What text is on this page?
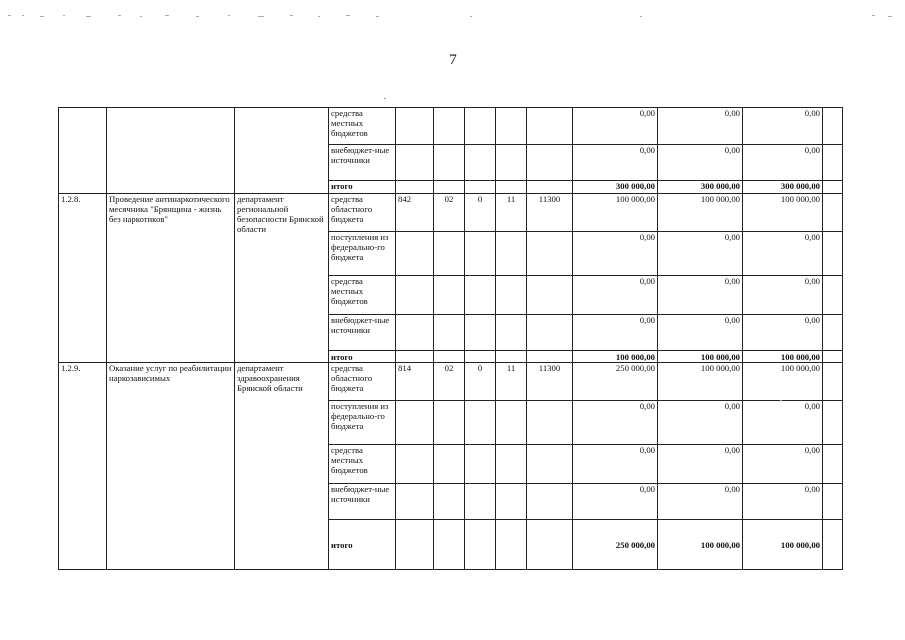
7
			средства местных бюджетов						0,00	0,00	0,00	
			внебюджет-ные источники						0,00	0,00	0,00	
			итого						300 000,00	300 000,00	300 000,00	
1.2.8.	Проведение антинаркотического месячника "Брянщина - жизнь без наркотиков"	департамент региональной безопасности Брянской области	средства областного бюджета	842	02	0	11	11300	100 000,00	100 000,00	100 000,00	
			поступления из федерально-го бюджета						0,00	0,00	0,00	
			средства местных бюджетов						0,00	0,00	0,00	
			внебюджет-ные источники						0,00	0,00	0,00	
			итого						100 000,00	100 000,00	100 000,00	
1.2.9.	Оказание услуг по реабилитации наркозависимых	департамент здравоохранения Брянской области	средства областного бюджета	814	02	0	11	11300	250 000,00	100 000,00	100 000,00	
			поступления из федерально-го бюджета						0,00	0,00	0,00	
			средства местных бюджетов						0,00	0,00	0,00	
			внебюджет-ные источники						0,00	0,00	0,00	
			итого						250 000,00	100 000,00	100 000,00	
